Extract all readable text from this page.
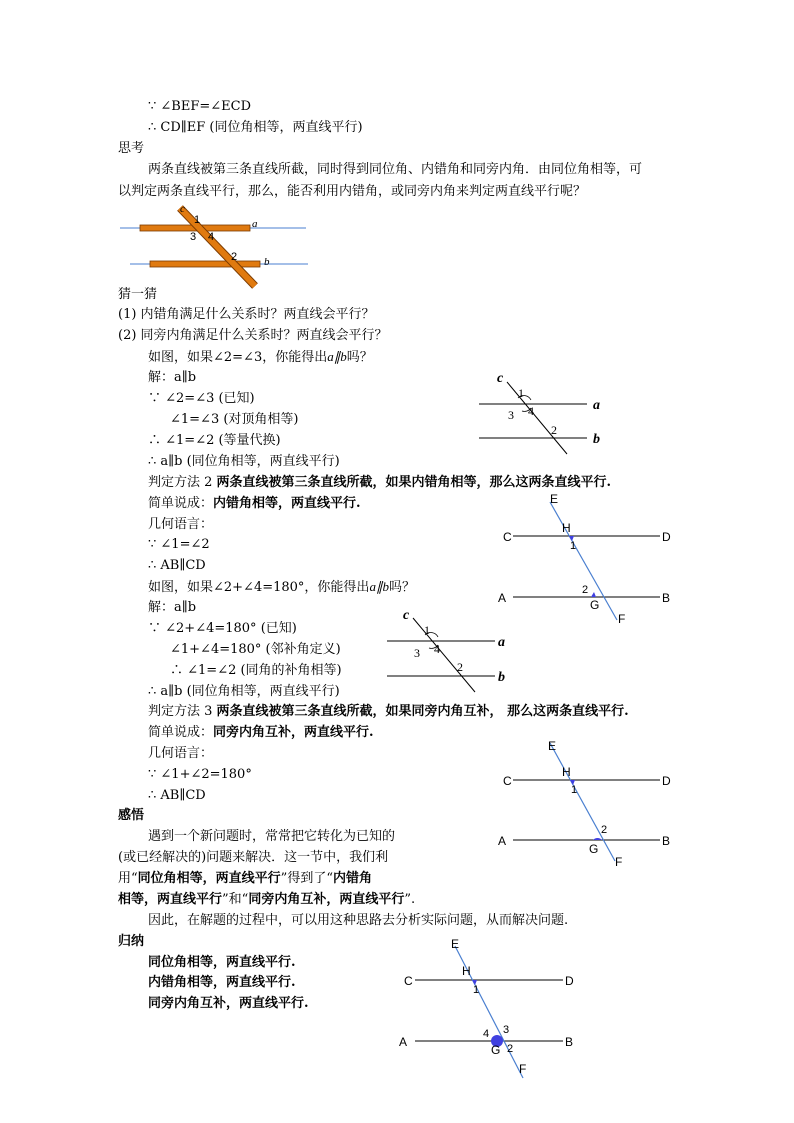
∵ ∠BEF=∠ECD
∴ CD∥EF (同位角相等，两直线平行)
思考
两条直线被第三条直线所截，同时得到同位角、内错角和同旁内角．由同位角相等，可
以判定两条直线平行，那么，能否利用内错角，或同旁内角来判定两直线平行呢？
c
1
3 4
2
a
b
猜一猜
(1) 内错角满足什么关系时？两直线会平行？
(2) 同旁内角满足什么关系时？两直线会平行？
如图，如果∠2=∠3，你能得出a∥b吗？
解：a∥b
∵ ∠2=∠3 (已知)
∠1=∠3 (对顶角相等)
∴ ∠1=∠2 (等量代换)
∴ a∥b (同位角相等，两直线平行)
c
1
3 4
2
a
b
判定方法 2 两条直线被第三条直线所截，如果内错角相等，那么这两条直线平行.
简单说成：内错角相等，两直线平行.
几何语言：
∵ ∠1=∠2
∴ AB∥CD
E
C	D
H
1
A	B
2
G
F
如图，如果∠2+∠4=180°，你能得出a∥b吗？
解：a∥b
∵ ∠2+∠4=180° (已知)
∠1+∠4=180° (邻补角定义)
∴ ∠1=∠2 (同角的补角相等)
∴ a∥b (同位角相等，两直线平行)
c
1
3 4
2
a
b
判定方法 3 两条直线被第三条直线所截，如果同旁内角互补， 那么这两条直线平行.
简单说成：同旁内角互补，两直线平行.
几何语言：
∵ ∠1+∠2=180°
∴ AB∥CD
E
C	D
H
1
A	B
2
G
F
感悟
遇到一个新问题时，常常把它转化为已知的
(或已经解决的)问题来解决．这一节中，我们利
用“同位角相等，两直线平行”得到了“内错角
相等，两直线平行”和“同旁内角互补，两直线平行”.
因此，在解题的过程中，可以用这种思路去分析实际问题，从而解决问题.
归纳
同位角相等，两直线平行.
内错角相等，两直线平行.
同旁内角互补，两直线平行.
E
C	D
H
1
A	B
4 3
G 2
F
